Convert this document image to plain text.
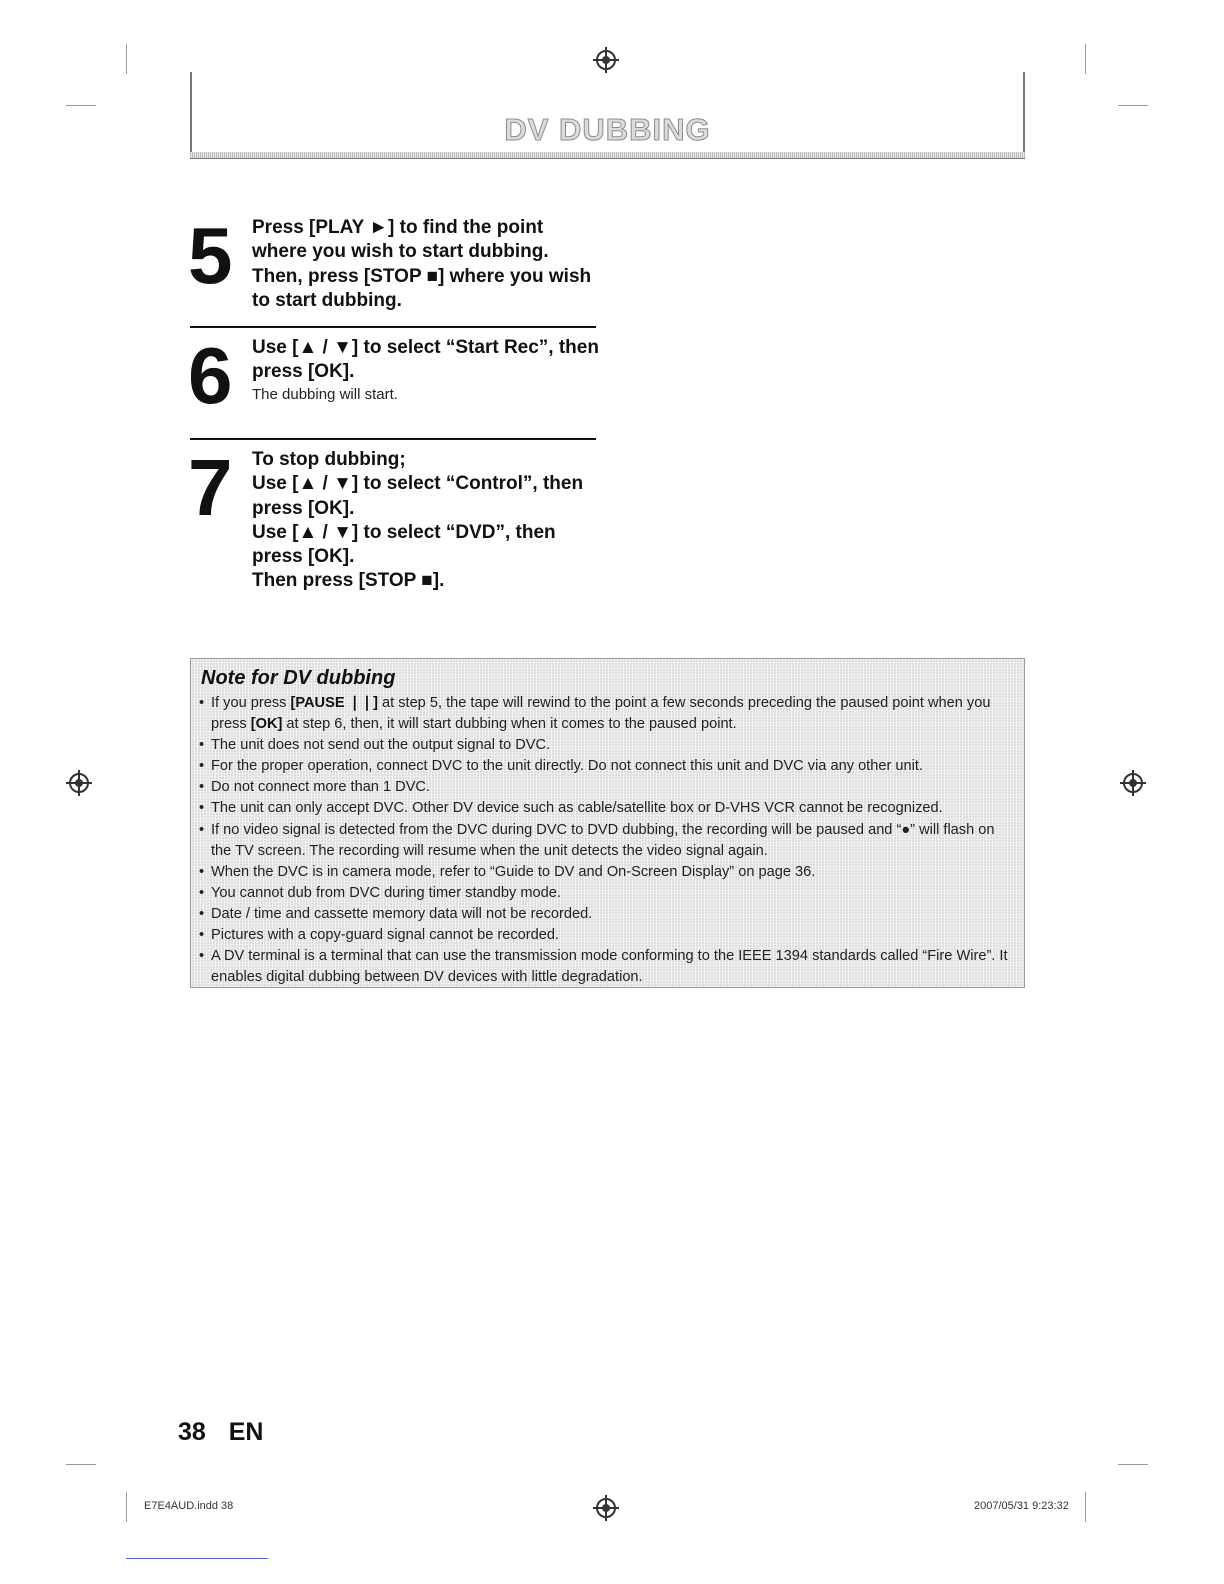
DV DUBBING
5 Press [PLAY ►] to find the point
where you wish to start dubbing.
Then, press [STOP ■] where you wish
to start dubbing.
6 Use [▲ / ▼] to select “Start Rec”, then
press [OK].
The dubbing will start.
7 To stop dubbing;
Use [▲ / ▼] to select “Control”, then
press [OK].
Use [▲ / ▼] to select “DVD”, then
press [OK].
Then press [STOP ■].
Note for DV dubbing
• If you press [PAUSE ❘❘] at step 5, the tape will rewind to the point a few seconds preceding the paused point when you press [OK] at step 6, then, it will start dubbing when it comes to the paused point.
• The unit does not send out the output signal to DVC.
• For the proper operation, connect DVC to the unit directly. Do not connect this unit and DVC via any other unit.
• Do not connect more than 1 DVC.
• The unit can only accept DVC. Other DV device such as cable/satellite box or D-VHS VCR cannot be recognized.
• If no video signal is detected from the DVC during DVC to DVD dubbing, the recording will be paused and “●” will flash on the TV screen. The recording will resume when the unit detects the video signal again.
• When the DVC is in camera mode, refer to “Guide to DV and On-Screen Display” on page 36.
• You cannot dub from DVC during timer standby mode.
• Date / time and cassette memory data will not be recorded.
• Pictures with a copy-guard signal cannot be recorded.
• A DV terminal is a terminal that can use the transmission mode conforming to the IEEE 1394 standards called “Fire Wire”. It enables digital dubbing between DV devices with little degradation.
38 EN
E7E4AUD.indd 38	2007/05/31 9:23:32
